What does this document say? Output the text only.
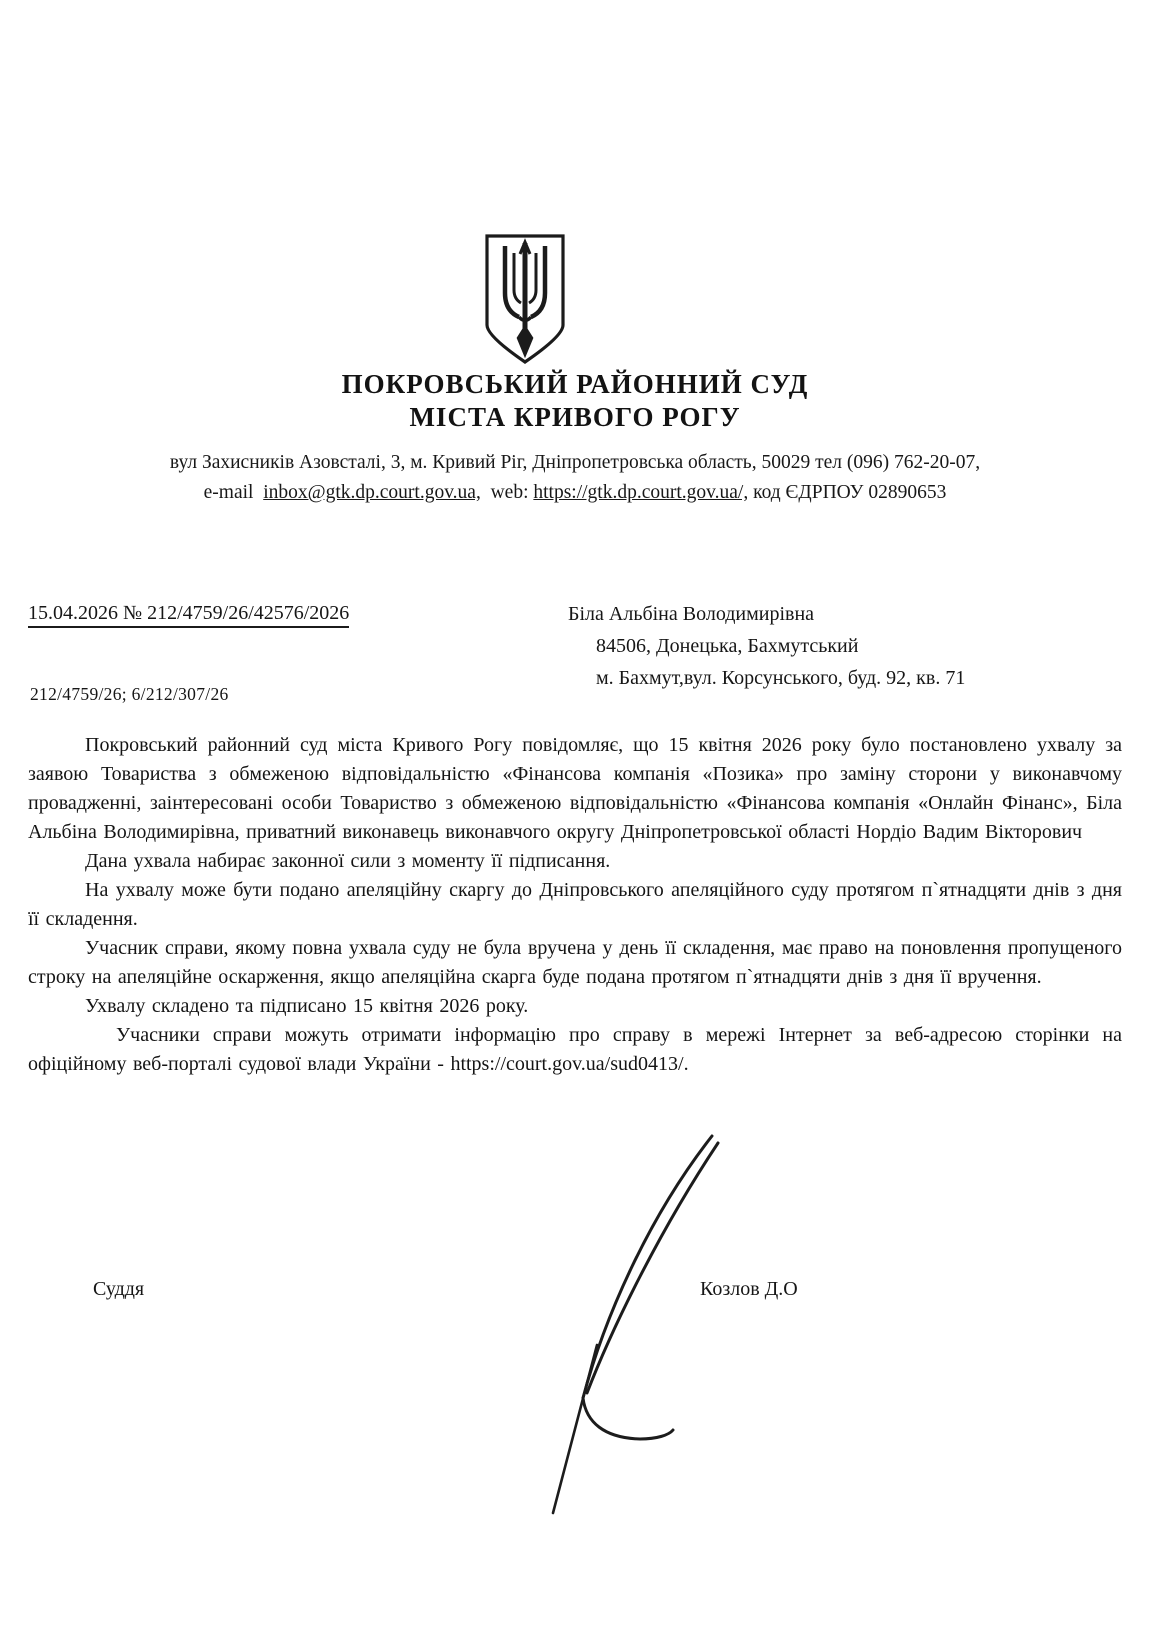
ПОКРОВСЬКИЙ РАЙОННИЙ СУД
МІСТА КРИВОГО РОГУ
вул Захисників Азовсталі, 3, м. Кривий Ріг, Дніпропетровська область, 50029 тел (096) 762-20-07,
e-mail inbox@gtk.dp.court.gov.ua, web: https://gtk.dp.court.gov.ua/, код ЄДРПОУ 02890653
15.04.2026 № 212/4759/26/42576/2026	Біла Альбіна Володимирівна
84506, Донецька, Бахмутський
м. Бахмут,вул. Корсунського, буд. 92, кв. 71
212/4759/26; 6/212/307/26

Покровський районний суд міста Кривого Рогу повідомляє, що 15 квітня 2026 року було постановлено ухвалу за заявою Товариства з обмеженою відповідальністю «Фінансова компанія «Позика» про заміну сторони у виконавчому провадженні, заінтересовані особи Товариство з обмеженою відповідальністю «Фінансова компанія «Онлайн Фінанс», Біла Альбіна Володимирівна, приватний виконавець виконавчого округу Дніпропетровської області Нордіо Вадим Вікторович

Дана ухвала набирає законної сили з моменту її підписання.

На ухвалу може бути подано апеляційну скаргу до Дніпровського апеляційного суду протягом п`ятнадцяти днів з дня її складення.

Учасник справи, якому повна ухвала суду не була вручена у день її складення, має право на поновлення пропущеного строку на апеляційне оскарження, якщо апеляційна скарга буде подана протягом п`ятнадцяти днів з дня її вручення.

Ухвалу складено та підписано 15 квітня 2026 року.

Учасники справи можуть отримати інформацію про справу в мережі Інтернет за веб-адресою сторінки на офіційному веб-порталі судової влади України - https://court.gov.ua/sud0413/.

Суддя	Козлов Д.О
